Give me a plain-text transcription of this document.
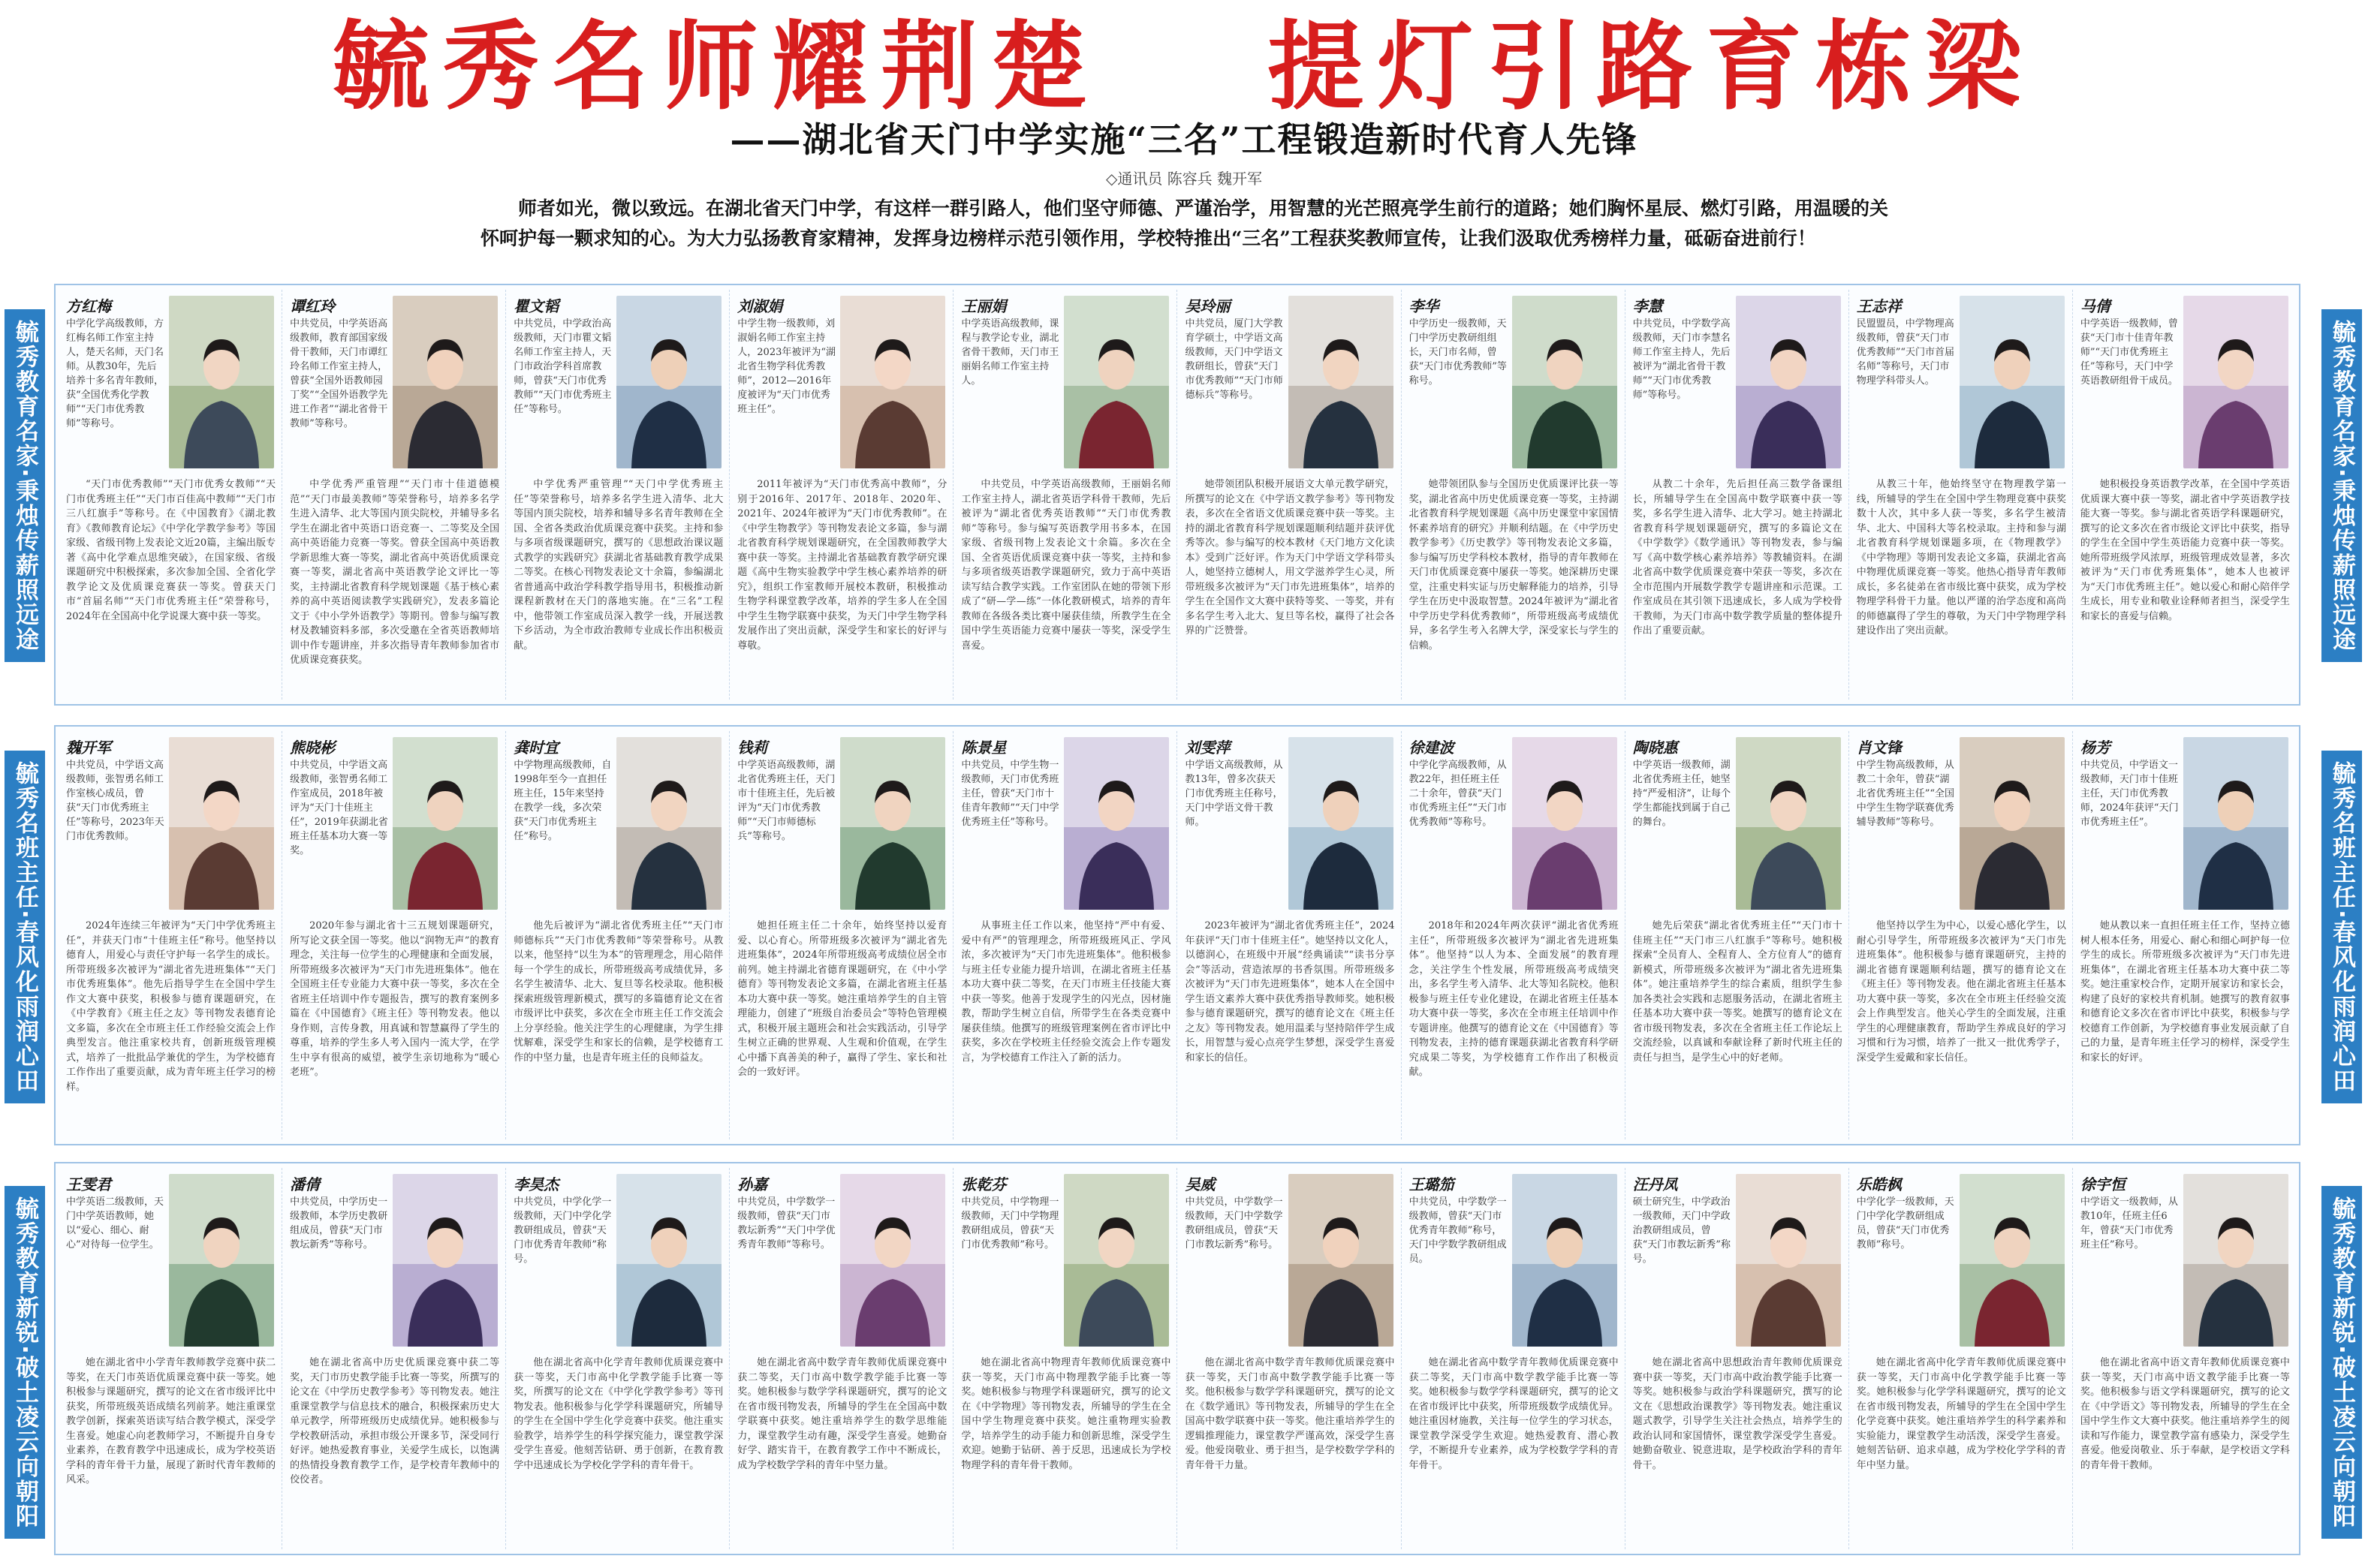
毓秀名师耀荆楚 提灯引路育栋梁
——湖北省天门中学实施“三名”工程锻造新时代育人先锋
◇通讯员 陈容兵 魏开军
师者如光，微以致远。在湖北省天门中学，有这样一群引路人，他们坚守师德、严谨治学，用智慧的光芒照亮学生前行的道路；她们胸怀星辰、燃灯引路，用温暖的关怀呵护每一颗求知的心。为大力弘扬教育家精神，发挥身边榜样示范引领作用，学校特推出“三名”工程获奖教师宣传，让我们汲取优秀榜样力量，砥砺奋进前行！
毓秀教育名家·秉烛传薪照远途	毓秀教育名家·秉烛传薪照远途
毓秀名班主任·春风化雨润心田	毓秀名班主任·春风化雨润心田
毓秀教育新锐·破土凌云向朝阳	毓秀教育新锐·破土凌云向朝阳
方红梅
中学化学高级教师，方红梅名师工作室主持人，楚天名师，天门名师。从教30年，先后培养十多名青年教师，获“全国优秀化学教师”“天门市优秀教师”等称号。
“天门市优秀教师”“天门市优秀女教师”“天门市优秀班主任”“天门市百佳高中教师”“天门市三八红旗手”等称号。在《中国教育》《湖北教育》《教师教育论坛》《中学化学教学参考》等国家级、省级刊物上发表论文近20篇，主编出版专著《高中化学难点思维突破》，在国家级、省级课题研究中积极探索，多次参加全国、全省化学教学论文及优质课竞赛获一等奖。曾获天门市“首届名师”“天门市优秀班主任”荣誉称号，2024年在全国高中化学说课大赛中获一等奖。
谭红玲
中共党员，中学英语高级教师，教育部国家级骨干教师，天门市谭红玲名师工作室主持人，曾获“全国外语教师园丁奖”“全国外语教学先进工作者”“湖北省骨干教师”等称号。
中学优秀严重管理”“天门市十佳道德模范”“天门市最美教师”等荣誉称号，培养多名学生进入清华、北大等国内顶尖院校，并辅导多名学生在湖北省中英语口语竞赛一、二等奖及全国高中英语能力竞赛一等奖。曾获全国高中英语教学新思维大赛一等奖，湖北省高中英语优质课竞赛一等奖，湖北省高中英语教学论文评比一等奖，主持湖北省教育科学规划课题《基于核心素养的高中英语阅读教学实践研究》，发表多篇论文于《中小学外语教学》等期刊。曾参与编写教材及教辅资料多部，多次受邀在全省英语教师培训中作专题讲座，并多次指导青年教师参加省市优质课竞赛获奖。
瞿文韬
中共党员，中学政治高级教师，天门市瞿文韬名师工作室主持人，天门市政治学科首席教师，曾获“天门市优秀教师”“天门市优秀班主任”等称号。
中学优秀严重管理”“天门中学优秀班主任”等荣誉称号，培养多名学生进入清华、北大等国内顶尖院校，培养和辅导多名青年教师在全国、全省各类政治优质课竞赛中获奖。主持和参与多项省级课题研究，撰写的《思想政治课议题式教学的实践研究》获湖北省基础教育教学成果二等奖。在核心刊物发表论文十余篇，参编湖北省普通高中政治学科教学指导用书，积极推动新课程新教材在天门的落地实施。在“三名”工程中，他带领工作室成员深入教学一线，开展送教下乡活动，为全市政治教师专业成长作出积极贡献。
刘淑娟
中学生物一级教师，刘淑娟名师工作室主持人，2023年被评为“湖北省生物学科优秀教师”，2012—2016年度被评为“天门市优秀班主任”。
2011年被评为“天门市优秀高中教师”，分别于2016年、2017年、2018年、2020年、2021年、2024年被评为“天门市优秀教师”。在《中学生物教学》等刊物发表论文多篇，参与湖北省教育科学规划课题研究，在全国教师教学大赛中获一等奖。主持湖北省基础教育教学研究课题《高中生物实验教学中学生核心素养培养的研究》，组织工作室教师开展校本教研，积极推动生物学科课堂教学改革，培养的学生多人在全国中学生生物学联赛中获奖，为天门中学生物学科发展作出了突出贡献，深受学生和家长的好评与尊敬。
王丽娟
中学英语高级教师，课程与教学论专业，湖北省骨干教师，天门市王丽娟名师工作室主持人。
中共党员，中学英语高级教师，王丽娟名师工作室主持人，湖北省英语学科骨干教师，先后被评为“湖北省优秀英语教师”“天门市优秀教师”等称号。参与编写英语教学用书多本，在国家级、省级刊物上发表论文十余篇。多次在全国、全省英语优质课竞赛中获一等奖，主持和参与多项省级英语教学课题研究，致力于高中英语读写结合教学实践。工作室团队在她的带领下形成了“研—学—练”一体化教研模式，培养的青年教师在各级各类比赛中屡获佳绩，所教学生在全国中学生英语能力竞赛中屡获一等奖，深受学生喜爱。
吴玲丽
中共党员，厦门大学教育学硕士，中学语文高级教师，天门中学语文教研组长，曾获“天门市优秀教师”“天门市师德标兵”等称号。
她带领团队积极开展语文大单元教学研究，所撰写的论文在《中学语文教学参考》等刊物发表，多次在全省语文优质课竞赛中获一等奖。主持的湖北省教育科学规划课题顺利结题并获评优秀等次。参与编写的校本教材《天门地方文化读本》受到广泛好评。作为天门中学语文学科带头人，她坚持立德树人，用文学滋养学生心灵，所带班级多次被评为“天门市先进班集体”，培养的学生在全国作文大赛中获特等奖、一等奖，并有多名学生考入北大、复旦等名校，赢得了社会各界的广泛赞誉。
李华
中学历史一级教师，天门中学历史教研组组长，天门市名师，曾获“天门市优秀教师”等称号。
她带领团队参与全国历史优质课评比获一等奖，湖北省高中历史优质课竞赛一等奖，主持湖北省教育科学规划课题《高中历史课堂中家国情怀素养培育的研究》并顺利结题。在《中学历史教学参考》《历史教学》等刊物发表论文多篇，参与编写历史学科校本教材，指导的青年教师在天门市优质课竞赛中屡获一等奖。她深耕历史课堂，注重史料实证与历史解释能力的培养，引导学生在历史中汲取智慧。2024年被评为“湖北省中学历史学科优秀教师”，所带班级高考成绩优异，多名学生考入名牌大学，深受家长与学生的信赖。
李慧
中共党员，中学数学高级教师，天门市李慧名师工作室主持人，先后被评为“湖北省骨干教师”“天门市优秀教师”等称号。
从教二十余年，先后担任高三数学备课组长，所辅导学生在全国高中数学联赛中获一等奖，多名学生进入清华、北大学习。她主持湖北省教育科学规划课题研究，撰写的多篇论文在《中学数学》《数学通讯》等刊物发表，参与编写《高中数学核心素养培养》等教辅资料。在湖北省高中数学优质课竞赛中荣获一等奖，多次在全市范围内开展数学教学专题讲座和示范课。工作室成员在其引领下迅速成长，多人成为学校骨干教师，为天门市高中数学教学质量的整体提升作出了重要贡献。
王志祥
民盟盟员，中学物理高级教师，曾获“天门市优秀教师”“天门市首届名师”等称号，天门市物理学科带头人。
从教三十年，他始终坚守在物理教学第一线，所辅导的学生在全国中学生物理竞赛中获奖数十人次，其中多人获一等奖，多名学生被清华、北大、中国科大等名校录取。主持和参与湖北省教育科学规划课题多项，在《物理教学》《中学物理》等期刊发表论文多篇，获湖北省高中物理优质课竞赛一等奖。他热心指导青年教师成长，多名徒弟在省市级比赛中获奖，成为学校物理学科骨干力量。他以严谨的治学态度和高尚的师德赢得了学生的尊敬，为天门中学物理学科建设作出了突出贡献。
马倩
中学英语一级教师，曾获“天门市十佳青年教师”“天门市优秀班主任”等称号，天门中学英语教研组骨干成员。
她积极投身英语教学改革，在全国中学英语优质课大赛中获一等奖，湖北省中学英语教学技能大赛一等奖。参与湖北省英语学科课题研究，撰写的论文多次在省市级论文评比中获奖，指导的学生在全国中学生英语能力竞赛中获一等奖。她所带班级学风浓厚，班级管理成效显著，多次被评为“天门市优秀班集体”，她本人也被评为“天门市优秀班主任”。她以爱心和耐心陪伴学生成长，用专业和敬业诠释师者担当，深受学生和家长的喜爱与信赖。
魏开军
中共党员，中学语文高级教师，张智勇名师工作室核心成员，曾获“天门市优秀班主任”等称号，2023年天门市优秀教师。
2024年连续三年被评为“天门中学优秀班主任”，并获天门市“十佳班主任”称号。他坚持以德育人，用爱心与责任守护每一名学生的成长。所带班级多次被评为“湖北省先进班集体”“天门市优秀班集体”。他先后指导学生在全国中学生作文大赛中获奖，积极参与德育课题研究，在《中学教育》《班主任之友》等刊物发表德育论文多篇，多次在全市班主任工作经验交流会上作典型发言。他注重家校共育，创新班级管理模式，培养了一批批品学兼优的学生，为学校德育工作作出了重要贡献，成为青年班主任学习的榜样。
熊晓彬
中共党员，中学语文高级教师，张智勇名师工作室成员，2018年被评为“天门十佳班主任”，2019年获湖北省班主任基本功大赛一等奖。
2020年参与湖北省十三五规划课题研究，所写论文获全国一等奖。他以“润物无声”的教育理念，关注每一位学生的心理健康和全面发展，所带班级多次被评为“天门市先进班集体”。他在全国班主任专业能力大赛中获一等奖，多次在全省班主任培训中作专题报告，撰写的教育案例多篇在《中国德育》《班主任》等刊物发表。他以身作则，言传身教，用真诚和智慧赢得了学生的尊重，培养的学生多人考入国内一流大学，在学生中享有很高的威望，被学生亲切地称为“暖心老班”。
龚时宜
中学物理高级教师，自1998年至今一直担任班主任，15年来坚持在教学一线，多次荣获“天门市优秀班主任”称号。
他先后被评为“湖北省优秀班主任”“天门市师德标兵”“天门市优秀教师”等荣誉称号。从教以来，他坚持“以生为本”的管理理念，用心陪伴每一个学生的成长，所带班级高考成绩优异，多名学生被清华、北大、复旦等名校录取。他积极探索班级管理新模式，撰写的多篇德育论文在省市级评比中获奖，多次在全市班主任工作交流会上分享经验。他关注学生的心理健康，为学生排忧解难，深受学生和家长的信赖，是学校德育工作的中坚力量，也是青年班主任的良师益友。
钱莉
中学英语高级教师，湖北省优秀班主任，天门市十佳班主任，先后被评为“天门市优秀教师”“天门市师德标兵”等称号。
她担任班主任二十余年，始终坚持以爱育爱、以心育心。所带班级多次被评为“湖北省先进班集体”，2024年所带班级高考成绩位居全市前列。她主持湖北省德育课题研究，在《中小学德育》等刊物发表论文多篇，在湖北省班主任基本功大赛中获一等奖。她注重培养学生的自主管理能力，创建了“班级自治委员会”等特色管理模式，积极开展主题班会和社会实践活动，引导学生树立正确的世界观、人生观和价值观，在学生心中播下真善美的种子，赢得了学生、家长和社会的一致好评。
陈景星
中共党员，中学生物一级教师，天门市优秀班主任，曾获“天门市十佳青年教师”“天门中学优秀班主任”等称号。
从事班主任工作以来，他坚持“严中有爱、爱中有严”的管理理念，所带班级班风正、学风浓，多次被评为“天门市先进班集体”。他积极参与班主任专业能力提升培训，在湖北省班主任基本功大赛中获二等奖，在天门市班主任技能大赛中获一等奖。他善于发现学生的闪光点，因材施教，帮助学生树立自信，所带学生在各类竞赛中屡获佳绩。他撰写的班级管理案例在省市评比中获奖，多次在学校班主任经验交流会上作专题发言，为学校德育工作注入了新的活力。
刘雯萍
中学语文高级教师，从教13年，曾多次获天门市优秀班主任称号，天门中学语文骨干教师。
2023年被评为“湖北省优秀班主任”，2024年获评“天门市十佳班主任”。她坚持以文化人，以德润心，在班级中开展“经典诵读”“读书分享会”等活动，营造浓厚的书香氛围。所带班级多次被评为“天门市先进班集体”，她本人在全国中学生语文素养大赛中获优秀指导教师奖。她积极参与德育课题研究，撰写的德育论文在《班主任之友》等刊物发表。她用温柔与坚持陪伴学生成长，用智慧与爱心点亮学生梦想，深受学生喜爱和家长的信任。
徐建波
中学化学高级教师，从教22年，担任班主任二十余年，曾获“天门市优秀班主任”“天门市优秀教师”等称号。
2018年和2024年两次获评“湖北省优秀班主任”，所带班级多次被评为“湖北省先进班集体”。他坚持“以人为本、全面发展”的教育理念，关注学生个性发展，所带班级高考成绩突出，多名学生考入清华、北大等知名院校。他积极参与班主任专业化建设，在湖北省班主任基本功大赛中获一等奖，多次在全市班主任培训中作专题讲座。他撰写的德育论文在《中国德育》等刊物发表，主持的德育课题获湖北省教育科学研究成果二等奖，为学校德育工作作出了积极贡献。
陶晓惠
中学英语一级教师，湖北省优秀班主任，她坚持“严爱相济”，让每个学生都能找到属于自己的舞台。
她先后荣获“湖北省优秀班主任”“天门市十佳班主任”“天门市三八红旗手”等称号。她积极探索“全员育人、全程育人、全方位育人”的德育新模式，所带班级多次被评为“湖北省先进班集体”。她注重培养学生的综合素质，组织学生参加各类社会实践和志愿服务活动，在湖北省班主任基本功大赛中获一等奖。她撰写的德育论文在省市级刊物发表，多次在全省班主任工作论坛上交流经验，以真诚和奉献诠释了新时代班主任的责任与担当，是学生心中的好老师。
肖文锋
中学生物高级教师，从教二十余年，曾获“湖北省优秀班主任”“全国中学生生物学联赛优秀辅导教师”等称号。
他坚持以学生为中心，以爱心感化学生，以耐心引导学生，所带班级多次被评为“天门市先进班集体”。他积极参与德育课题研究，主持的湖北省德育课题顺利结题，撰写的德育论文在《班主任》等刊物发表。他在湖北省班主任基本功大赛中获一等奖，多次在全市班主任经验交流会上作典型发言。他关心学生的全面发展，注重学生的心理健康教育，帮助学生养成良好的学习习惯和行为习惯，培养了一批又一批优秀学子，深受学生爱戴和家长信任。
杨芳
中共党员，中学语文一级教师，天门市十佳班主任，天门市优秀教师，2024年获评“天门市优秀班主任”。
她从教以来一直担任班主任工作，坚持立德树人根本任务，用爱心、耐心和细心呵护每一位学生的成长。所带班级多次被评为“天门市先进班集体”，在湖北省班主任基本功大赛中获二等奖。她注重家校合作，定期开展家访和家长会，构建了良好的家校共育机制。她撰写的教育叙事和德育论文多次在省市评比中获奖，积极参与学校德育工作创新，为学校德育事业发展贡献了自己的力量，是青年班主任学习的榜样，深受学生和家长的好评。
王雯君
中学英语二级教师，天门中学英语教师，她以“爱心、细心、耐心”对待每一位学生。
她在湖北省中小学青年教师教学竞赛中获二等奖，在天门市英语优质课竞赛中获一等奖。她积极参与课题研究，撰写的论文在省市级评比中获奖，所带班级英语成绩名列前茅。她注重课堂教学创新，探索英语读写结合教学模式，深受学生喜爱。她虚心向老教师学习，不断提升自身专业素养，在教育教学中迅速成长，成为学校英语学科的青年骨干力量，展现了新时代青年教师的风采。
潘倩
中共党员，中学历史一级教师，本学历史教研组成员，曾获“天门市教坛新秀”等称号。
她在湖北省高中历史优质课竞赛中获二等奖，天门市历史教学能手比赛一等奖，所撰写的论文在《中学历史教学参考》等刊物发表。她注重课堂教学与信息技术的融合，积极探索历史大单元教学，所带班级历史成绩优异。她积极参与学校教研活动，承担市级公开课多节，深受同行好评。她热爱教育事业，关爱学生成长，以饱满的热情投身教育教学工作，是学校青年教师中的佼佼者。
李昊杰
中共党员，中学化学一级教师，天门中学化学教研组成员，曾获“天门市优秀青年教师”称号。
他在湖北省高中化学青年教师优质课竞赛中获一等奖，天门市高中化学教学能手比赛一等奖，所撰写的论文在《中学化学教学参考》等刊物发表。他积极参与化学学科课题研究，所辅导的学生在全国中学生化学竞赛中获奖。他注重实验教学，培养学生的科学探究能力，课堂教学深受学生喜爱。他刻苦钻研、勇于创新，在教育教学中迅速成长为学校化学学科的青年骨干。
孙嘉
中共党员，中学数学一级教师，曾获“天门市教坛新秀”“天门中学优秀青年教师”等称号。
她在湖北省高中数学青年教师优质课竞赛中获二等奖，天门市高中数学教学能手比赛一等奖。她积极参与数学学科课题研究，撰写的论文在省市级刊物发表，所辅导的学生在全国高中数学联赛中获奖。她注重培养学生的数学思维能力，课堂教学生动有趣，深受学生喜爱。她勤奋好学、踏实肯干，在教育教学工作中不断成长，成为学校数学学科的青年中坚力量。
张乾芬
中共党员，中学物理一级教师，天门中学物理教研组成员，曾获“天门市优秀教师”称号。
她在湖北省高中物理青年教师优质课竞赛中获一等奖，天门市高中物理教学能手比赛一等奖。她积极参与物理学科课题研究，撰写的论文在《中学物理》等刊物发表，所辅导的学生在全国中学生物理竞赛中获奖。她注重物理实验教学，培养学生的动手能力和创新思维，深受学生欢迎。她勤于钻研、善于反思，迅速成长为学校物理学科的青年骨干教师。
吴威
中共党员，中学数学一级教师，天门中学数学教研组成员，曾获“天门市教坛新秀”称号。
他在湖北省高中数学青年教师优质课竞赛中获一等奖，天门市高中数学教学能手比赛一等奖。他积极参与数学学科课题研究，撰写的论文在《数学通讯》等刊物发表，所辅导的学生在全国高中数学联赛中获一等奖。他注重培养学生的逻辑推理能力，课堂教学严谨高效，深受学生喜爱。他爱岗敬业、勇于担当，是学校数学学科的青年骨干力量。
王璐笳
中共党员，中学数学一级教师，曾获“天门市优秀青年教师”称号，天门中学数学教研组成员。
她在湖北省高中数学青年教师优质课竞赛中获二等奖，天门市高中数学教学能手比赛一等奖。她积极参与数学学科课题研究，撰写的论文在省市级评比中获奖，所带班级数学成绩优异。她注重因材施教，关注每一位学生的学习状态，课堂教学深受学生欢迎。她热爱教育、潜心教学，不断提升专业素养，成为学校数学学科的青年骨干。
汪丹凤
硕士研究生，中学政治一级教师，天门中学政治教研组成员，曾获“天门市教坛新秀”称号。
她在湖北省高中思想政治青年教师优质课竞赛中获一等奖，天门市高中政治教学能手比赛一等奖。她积极参与政治学科课题研究，撰写的论文在《思想政治课教学》等刊物发表。她注重议题式教学，引导学生关注社会热点，培养学生的政治认同和家国情怀，课堂教学深受学生喜爱。她勤奋敬业、锐意进取，是学校政治学科的青年骨干。
乐皓枫
中学化学一级教师，天门中学化学教研组成员，曾获“天门市优秀教师”称号。
她在湖北省高中化学青年教师优质课竞赛中获一等奖，天门市高中化学教学能手比赛一等奖。她积极参与化学学科课题研究，撰写的论文在省市级刊物发表，所辅导的学生在全国中学生化学竞赛中获奖。她注重培养学生的科学素养和实验能力，课堂教学生动活泼，深受学生喜爱。她刻苦钻研、追求卓越，成为学校化学学科的青年中坚力量。
徐宇恒
中学语文一级教师，从教10年，任班主任6年，曾获“天门市优秀班主任”称号。
他在湖北省高中语文青年教师优质课竞赛中获一等奖，天门市高中语文教学能手比赛一等奖。他积极参与语文学科课题研究，撰写的论文在《中学语文》等刊物发表，所辅导的学生在全国中学生作文大赛中获奖。他注重培养学生的阅读和写作能力，课堂教学富有感染力，深受学生喜爱。他爱岗敬业、乐于奉献，是学校语文学科的青年骨干教师。
